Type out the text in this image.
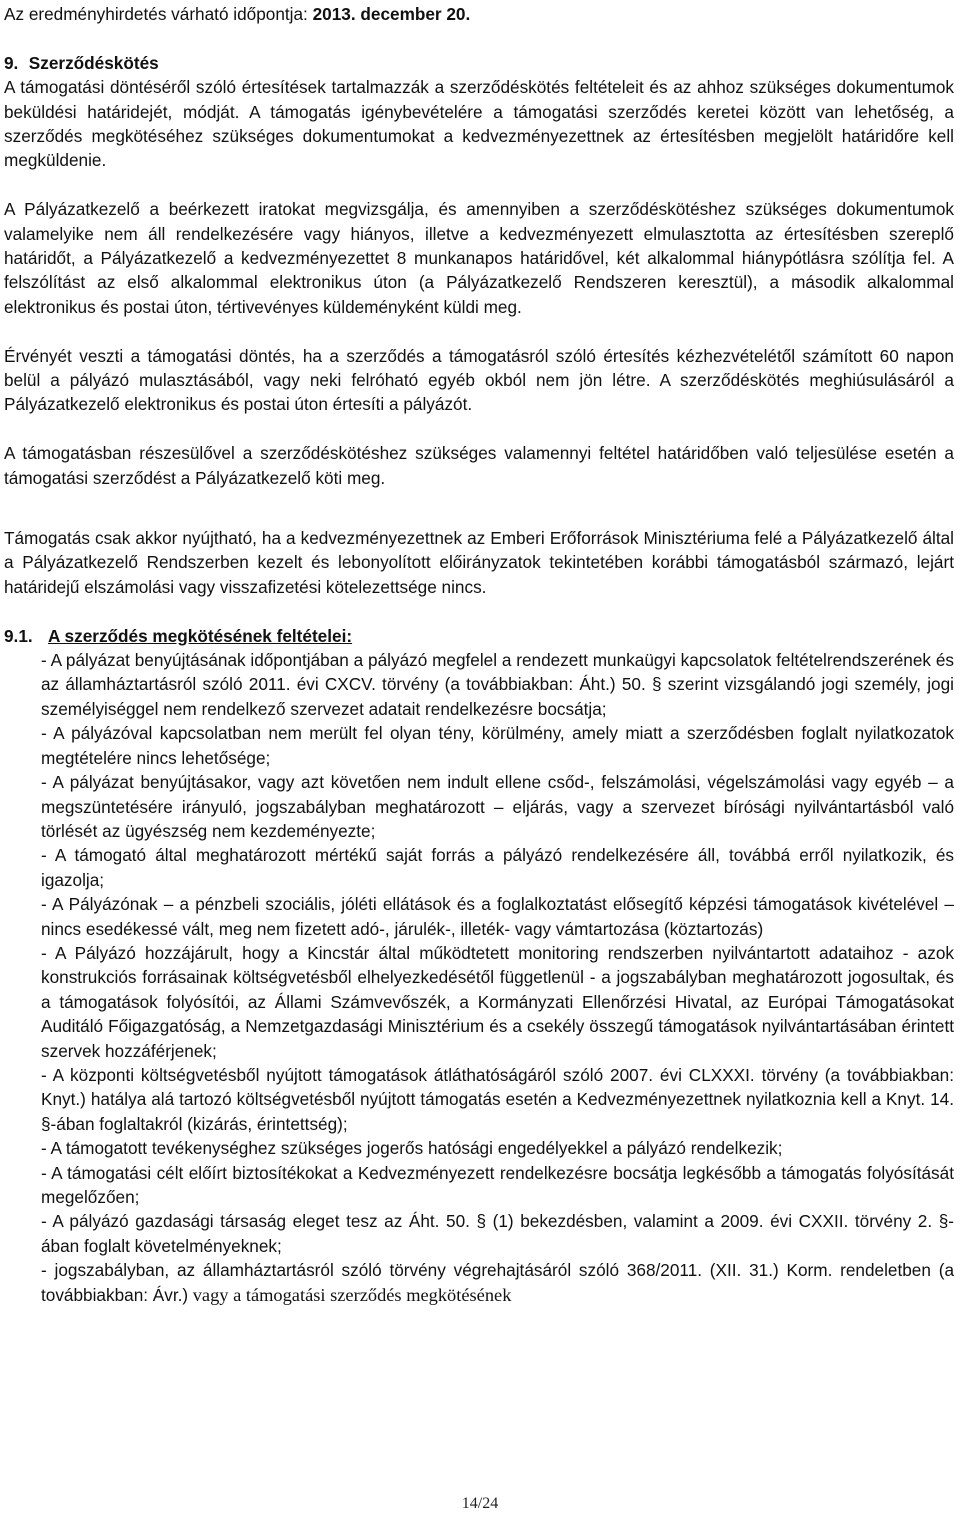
Az eredményhirdetés várható időpontja: 2013. december 20.

9. Szerződéskötés

A támogatási döntéséről szóló értesítések tartalmazzák a szerződéskötés feltételeit és az ahhoz szükséges dokumentumok beküldési határidejét, módját. A támogatás igénybevételére a támogatási szerződés keretei között van lehetőség, a szerződés megkötéséhez szükséges dokumentumokat a kedvezményezettnek az értesítésben megjelölt határidőre kell megküldenie.

A Pályázatkezelő a beérkezett iratokat megvizsgálja, és amennyiben a szerződéskötéshez szükséges dokumentumok valamelyike nem áll rendelkezésére vagy hiányos, illetve a kedvezményezett elmulasztotta az értesítésben szereplő határidőt, a Pályázatkezelő a kedvezményezettet 8 munkanapos határidővel, két alkalommal hiánypótlásra szólítja fel. A felszólítást az első alkalommal elektronikus úton (a Pályázatkezelő Rendszeren keresztül), a második alkalommal elektronikus és postai úton, tértivevényes küldeményként küldi meg.

Érvényét veszti a támogatási döntés, ha a szerződés a támogatásról szóló értesítés kézhezvételétől számított 60 napon belül a pályázó mulasztásából, vagy neki felróható egyéb okból nem jön létre. A szerződéskötés meghiúsulásáról a Pályázatkezelő elektronikus és postai úton értesíti a pályázót.

A támogatásban részesülővel a szerződéskötéshez szükséges valamennyi feltétel határidőben való teljesülése esetén a támogatási szerződést a Pályázatkezelő köti meg.

Támogatás csak akkor nyújtható, ha a kedvezményezettnek az Emberi Erőforrások Minisztériuma felé a Pályázatkezelő által a Pályázatkezelő Rendszerben kezelt és lebonyolított előirányzatok tekintetében korábbi támogatásból származó, lejárt határidejű elszámolási vagy visszafizetési kötelezettsége nincs.

9.1. A szerződés megkötésének feltételei:

- A pályázat benyújtásának időpontjában a pályázó megfelel a rendezett munkaügyi kapcsolatok feltételrendszerének és az államháztartásról szóló 2011. évi CXCV. törvény (a továbbiakban: Áht.) 50. § szerint vizsgálandó jogi személy, jogi személyiséggel nem rendelkező szervezet adatait rendelkezésre bocsátja;

- A pályázóval kapcsolatban nem merült fel olyan tény, körülmény, amely miatt a szerződésben foglalt nyilatkozatok megtételére nincs lehetősége;

- A pályázat benyújtásakor, vagy azt követően nem indult ellene csőd-, felszámolási, végelszámolási vagy egyéb – a megszüntetésére irányuló, jogszabályban meghatározott – eljárás, vagy a szervezet bírósági nyilvántartásból való törlését az ügyészség nem kezdeményezte;

- A támogató által meghatározott mértékű saját forrás a pályázó rendelkezésére áll, továbbá erről nyilatkozik, és igazolja;

- A Pályázónak – a pénzbeli szociális, jóléti ellátások és a foglalkoztatást elősegítő képzési támogatások kivételével – nincs esedékessé vált, meg nem fizetett adó-, járulék-, illeték- vagy vámtartozása (köztartozás)

- A Pályázó hozzájárult, hogy a Kincstár által működtetett monitoring rendszerben nyilvántartott adataihoz - azok konstrukciós forrásainak költségvetésből elhelyezkedésétől függetlenül - a jogszabályban meghatározott jogosultak, és a támogatások folyósítói, az Állami Számvevőszék, a Kormányzati Ellenőrzési Hivatal, az Európai Támogatásokat Auditáló Főigazgatóság, a Nemzetgazdasági Minisztérium és a csekély összegű támogatások nyilvántartásában érintett szervek hozzáférjenek;

- A központi költségvetésből nyújtott támogatások átláthatóságáról szóló 2007. évi CLXXXI. törvény (a továbbiakban: Knyt.) hatálya alá tartozó költségvetésből nyújtott támogatás esetén a Kedvezményezettnek nyilatkoznia kell a Knyt. 14. §-ában foglaltakról (kizárás, érintettség);

- A támogatott tevékenységhez szükséges jogerős hatósági engedélyekkel a pályázó rendelkezik;

- A támogatási célt előírt biztosítékokat a Kedvezményezett rendelkezésre bocsátja legkésőbb a támogatás folyósítását megelőzően;

- A pályázó gazdasági társaság eleget tesz az Áht. 50. § (1) bekezdésben, valamint a 2009. évi CXXII. törvény 2. §-ában foglalt követelményeknek;

- jogszabályban, az államháztartásról szóló törvény végrehajtásáról szóló 368/2011. (XII. 31.) Korm. rendeletben (a továbbiakban: Ávr.) vagy a támogatási szerződés megkötésének

14/24
